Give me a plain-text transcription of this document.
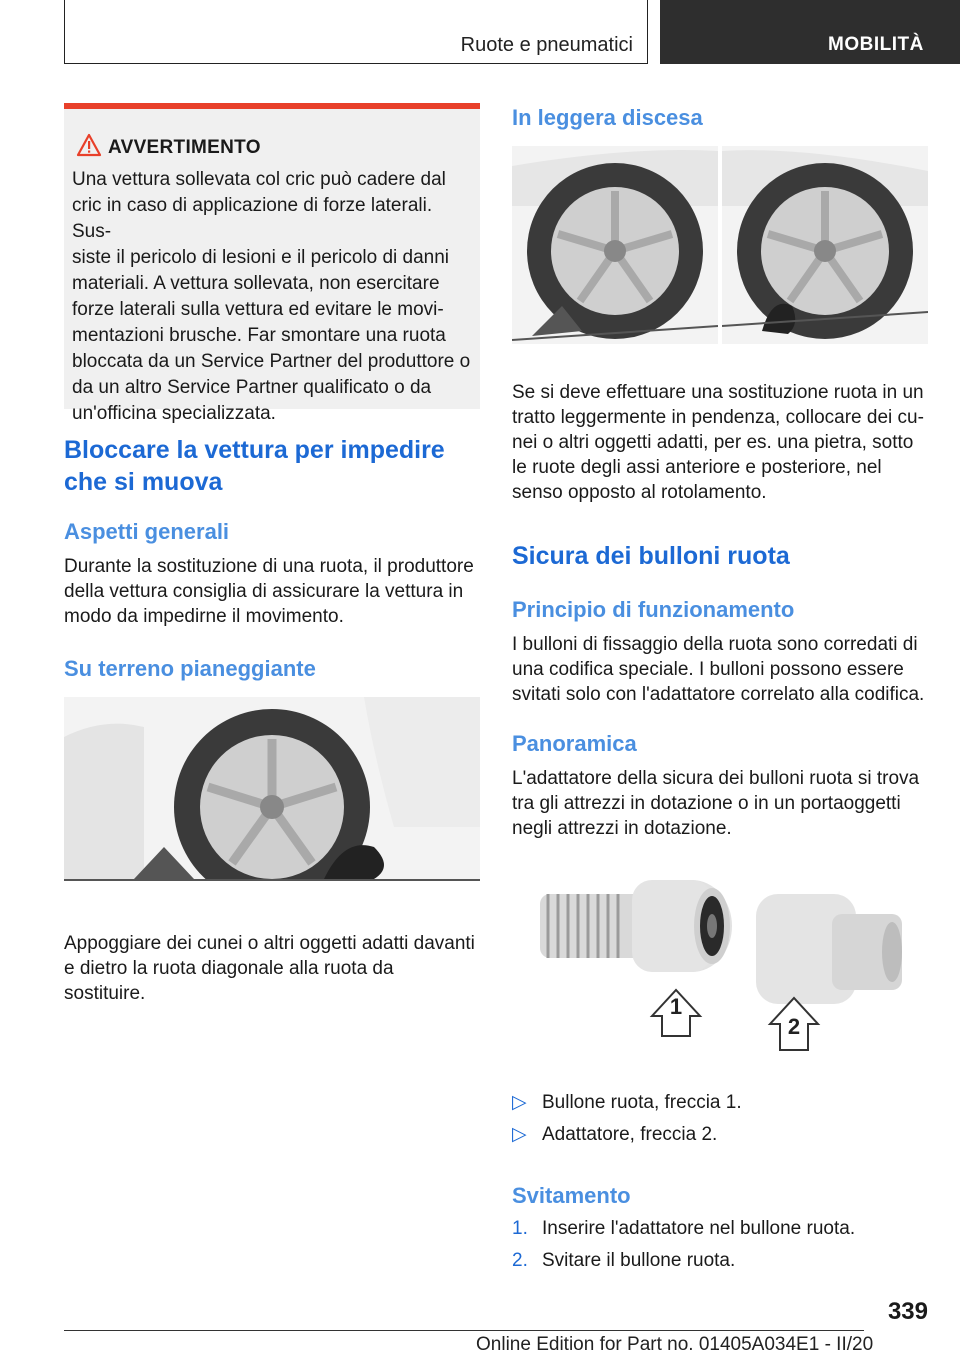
Ruote e pneumatici	MOBILITÀ
AVVERTIMENTO
Una vettura sollevata col cric può cadere dal
cric in caso di applicazione di forze laterali. Sus-
siste il pericolo di lesioni e il pericolo di danni
materiali. A vettura sollevata, non esercitare
forze laterali sulla vettura ed evitare le movi-
mentazioni brusche. Far smontare una ruota
bloccata da un Service Partner del produttore o
da un altro Service Partner qualificato o da
un'officina specializzata.
Bloccare la vettura per impedire
che si muova
Aspetti generali
Durante la sostituzione di una ruota, il produttore
della vettura consiglia di assicurare la vettura in
modo da impedirne il movimento.
Su terreno pianeggiante
Appoggiare dei cunei o altri oggetti adatti davanti
e dietro la ruota diagonale alla ruota da sostituire.
In leggera discesa
Se si deve effettuare una sostituzione ruota in un
tratto leggermente in pendenza, collocare dei cu-
nei o altri oggetti adatti, per es. una pietra, sotto
le ruote degli assi anteriore e posteriore, nel
senso opposto al rotolamento.
Sicura dei bulloni ruota
Principio di funzionamento
I bulloni di fissaggio della ruota sono corredati di
una codifica speciale. I bulloni possono essere
svitati solo con l'adattatore correlato alla codifica.
Panoramica
L'adattatore della sicura dei bulloni ruota si trova
tra gli attrezzi in dotazione o in un portaoggetti
negli attrezzi in dotazione.
1
2
▷ Bullone ruota, freccia 1.
▷ Adattatore, freccia 2.
Svitamento
1. Inserire l'adattatore nel bullone ruota.
2. Svitare il bullone ruota.
339
Online Edition for Part no. 01405A034E1 - II/20
